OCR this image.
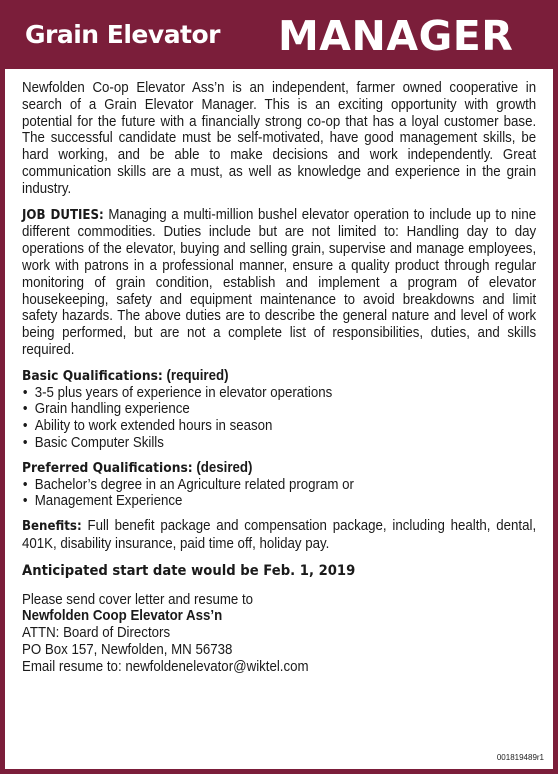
Grain Elevator MANAGER

Newfolden Co-op Elevator Ass’n is an independent, farmer owned cooperative in search of a Grain Elevator Manager. This is an exciting opportunity with growth potential for the future with a financially strong co-op that has a loyal customer base. The successful candidate must be self-motivated, have good management skills, be hard working, and be able to make decisions and work independently. Great communication skills are a must, as well as knowledge and experience in the grain industry.

JOB DUTIES: Managing a multi-million bushel elevator operation to include up to nine different commodities. Duties include but are not limited to: Handling day to day operations of the elevator, buying and selling grain, supervise and manage employees, work with patrons in a professional manner, ensure a quality product through regular monitoring of grain condition, establish and implement a program of elevator housekeeping, safety and equipment maintenance to avoid breakdowns and limit safety hazards. The above duties are to describe the general nature and level of work being performed, but are not a complete list of responsibilities, duties, and skills required.

Basic Qualifications: (required)

• 3-5 plus years of experience in elevator operations
• Grain handling experience
• Ability to work extended hours in season
• Basic Computer Skills

Preferred Qualifications: (desired)

• Bachelor’s degree in an Agriculture related program or
• Management Experience

Benefits: Full benefit package and compensation package, including health, dental, 401K, disability insurance, paid time off, holiday pay.

Anticipated start date would be Feb. 1, 2019
Please send cover letter and resume to
Newfolden Coop Elevator Ass’n
ATTN: Board of Directors
PO Box 157, Newfolden, MN 56738
Email resume to: newfoldenelevator@wiktel.com
001819489r1
